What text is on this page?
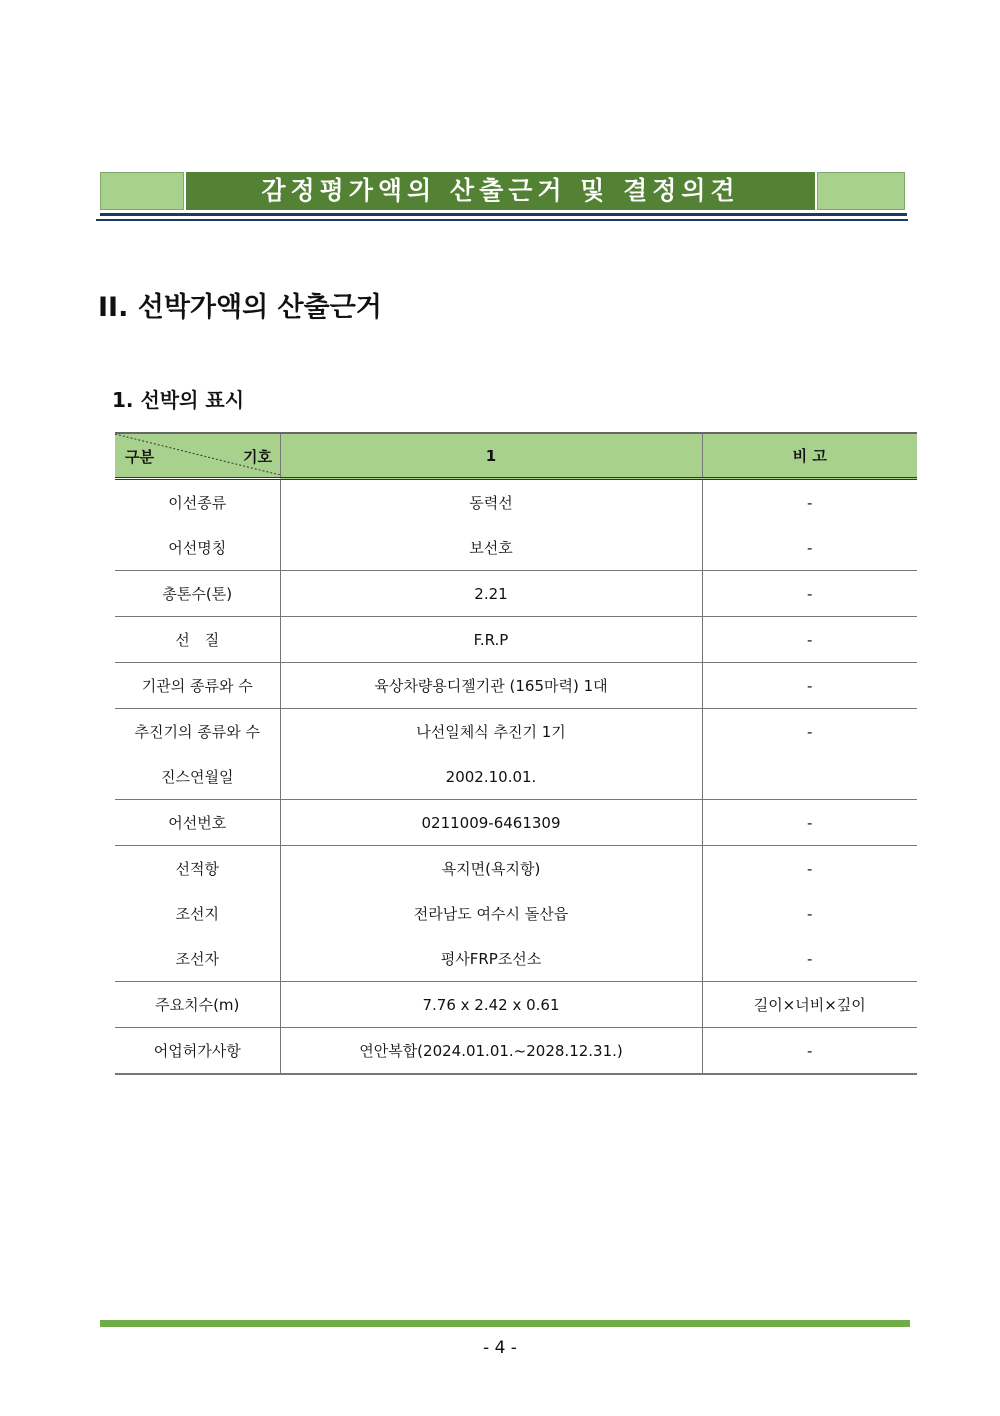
감정평가액의 산출근거 및 결정의견
II. 선박가액의 산출근거
1. 선박의 표시
구분 기호	1	비 고
이선종류	동력선	-
어선명칭	보선호	-
총톤수(톤)	2.21	-
선　질	F.R.P	-
기관의 종류와 수	육상차량용디젤기관 (165마력) 1대	-
추진기의 종류와 수	나선일체식 추진기 1기	-
진스연월일	2002.10.01.	
어선번호	0211009-6461309	-
선적항	욕지면(욕지항)	-
조선지	전라남도 여수시 돌산읍	-
조선자	평사FRP조선소	-
주요치수(m)	7.76 x 2.42 x 0.61	길이×너비×깊이
어업허가사항	연안복합(2024.01.01.~2028.12.31.)	-
- 4 -
